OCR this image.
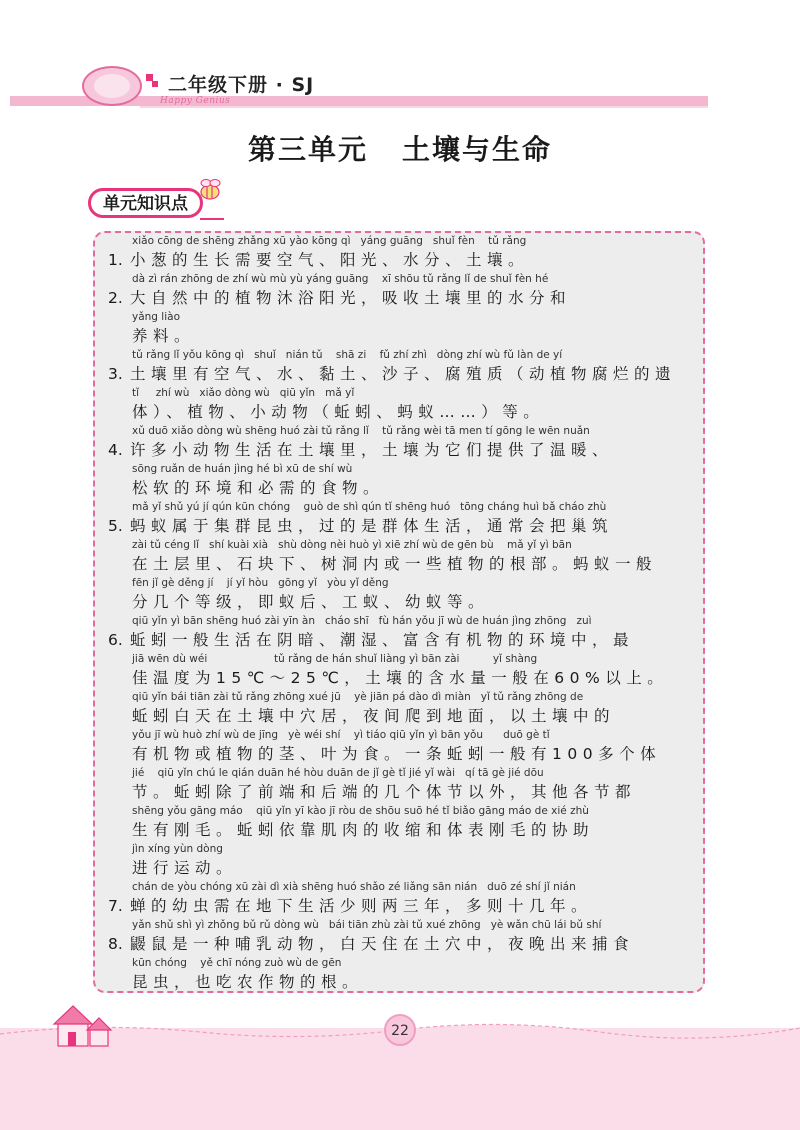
二年级下册 · SJ
Happy Genius
第三单元 土壤与生命
单元知识点
xiǎo cōng de shēng zhǎng xū yào kōng qì   yáng guāng   shuǐ fèn    tǔ rǎng
1. 小葱的生长需要空气、阳光、水分、土壤。
dà zì rán zhōng de zhí wù mù yù yáng guāng    xī shōu tǔ rǎng lǐ de shuǐ fèn hé
2. 大自然中的植物沐浴阳光，吸收土壤里的水分和
yǎng liào
养料。
tǔ rǎng lǐ yǒu kōng qì   shuǐ   nián tǔ    shā zi    fǔ zhí zhì   dòng zhí wù fǔ làn de yí
3. 土壤里有空气、水、黏土、沙子、腐殖质（动植物腐烂的遗
tǐ     zhí wù   xiǎo dòng wù   qiū yǐn   mǎ yǐ
体）、植物、小动物（蚯蚓、蚂蚁……）等。
xǔ duō xiǎo dòng wù shēng huó zài tǔ rǎng lǐ    tǔ rǎng wèi tā men tí gōng le wēn nuǎn
4. 许多小动物生活在土壤里，土壤为它们提供了温暖、
sōng ruǎn de huán jìng hé bì xū de shí wù
松软的环境和必需的食物。
mǎ yǐ shǔ yú jí qún kūn chóng    guò de shì qún tǐ shēng huó   tōng cháng huì bǎ cháo zhù
5. 蚂蚁属于集群昆虫，过的是群体生活，通常会把巢筑
zài tǔ céng lǐ   shí kuài xià   shù dòng nèi huò yì xiē zhí wù de gēn bù    mǎ yǐ yì bān
在土层里、石块下、树洞内或一些植物的根部。蚂蚁一般
fēn jǐ gè děng jí    jí yǐ hòu   gōng yǐ   yòu yǐ děng
分几个等级，即蚁后、工蚁、幼蚁等。
qiū yǐn yì bān shēng huó zài yīn àn   cháo shī   fù hán yǒu jī wù de huán jìng zhōng   zuì
6. 蚯蚓一般生活在阴暗、潮湿、富含有机物的环境中，最
jiā wēn dù wéi                    tǔ rǎng de hán shuǐ liàng yì bān zài          yǐ shàng
佳温度为15℃～25℃，土壤的含水量一般在60%以上。
qiū yǐn bái tiān zài tǔ rǎng zhōng xué jū    yè jiān pá dào dì miàn   yǐ tǔ rǎng zhōng de
蚯蚓白天在土壤中穴居，夜间爬到地面，以土壤中的
yǒu jī wù huò zhí wù de jīng   yè wéi shí    yì tiáo qiū yǐn yì bān yǒu      duō gè tǐ
有机物或植物的茎、叶为食。一条蚯蚓一般有100多个体
jié    qiū yǐn chú le qián duān hé hòu duān de jǐ gè tǐ jié yǐ wài   qí tā gè jié dōu
节。蚯蚓除了前端和后端的几个体节以外，其他各节都
shēng yǒu gāng máo    qiū yǐn yī kào jī ròu de shōu suō hé tǐ biǎo gāng máo de xié zhù
生有刚毛。蚯蚓依靠肌肉的收缩和体表刚毛的协助
jìn xíng yùn dòng
进行运动。
chán de yòu chóng xū zài dì xià shēng huó shǎo zé liǎng sān nián   duō zé shí jǐ nián
7. 蝉的幼虫需在地下生活少则两三年，多则十几年。
yǎn shǔ shì yì zhǒng bǔ rǔ dòng wù   bái tiān zhù zài tǔ xué zhōng   yè wǎn chū lái bǔ shí
8. 鼹鼠是一种哺乳动物，白天住在土穴中，夜晚出来捕食
kūn chóng    yě chī nóng zuò wù de gēn
昆虫，也吃农作物的根。
22
